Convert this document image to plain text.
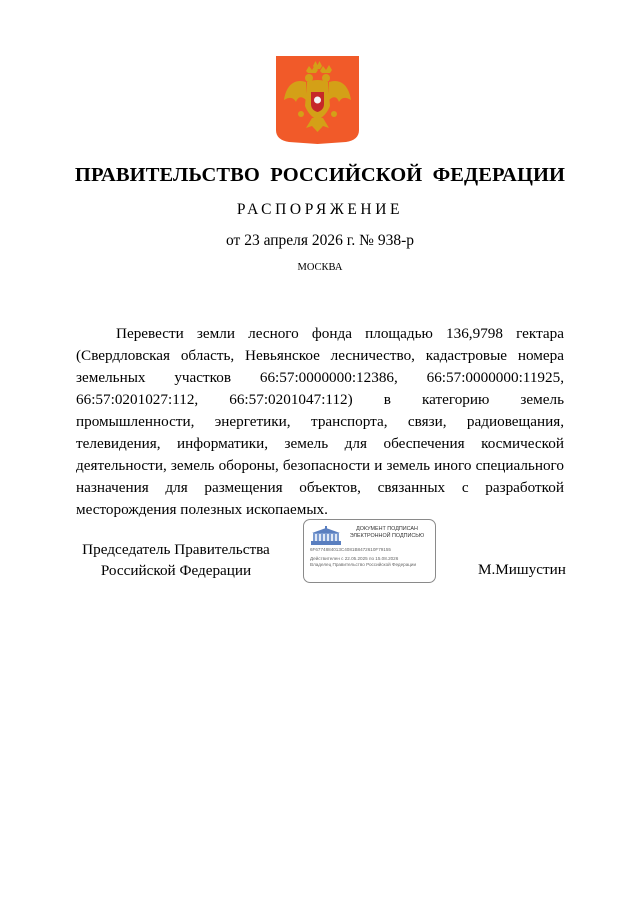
ПРАВИТЕЛЬСТВО РОССИЙСКОЙ ФЕДЕРАЦИИ
РАСПОРЯЖЕНИЕ
от 23 апреля 2026 г. № 938-р
МОСКВА

Перевести земли лесного фонда площадью 136,9798 гектара (Свердловская область, Невьянское лесничество, кадастровые номера земельных участков 66:57:0000000:12386, 66:57:0000000:11925, 66:57:0201027:112, 66:57:0201047:112) в категорию земель промышленности, энергетики, транспорта, связи, радиовещания, телевидения, информатики, земель для обеспечения космической деятельности, земель обороны, безопасности и земель иного специального назначения для размещения объектов, связанных с разработкой месторождения полезных ископаемых.

Председатель Правительства
Российской Федерации
ДОКУМЕНТ ПОДПИСАН
ЭЛЕКТРОННОЙ ПОДПИСЬЮ
6F6774884013C4081B8472610F79155
Действителен с 22.05.2025 по 15.08.2026
Владелец Правительство Российской Федерации	М.Мишустин
